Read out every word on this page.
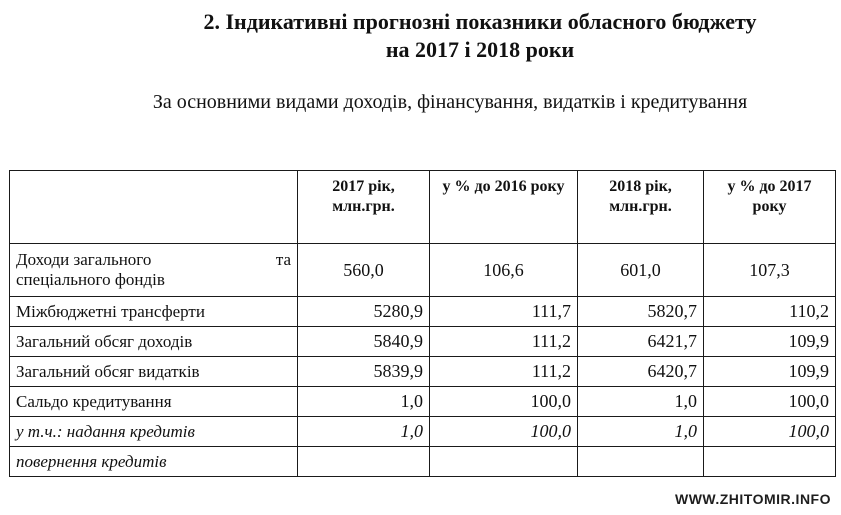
2. Індикативні прогнозні показники обласного бюджету
на 2017 і 2018 роки
За основними видами доходів, фінансування, видатків і кредитування
	2017 рік, млн.грн.	у % до 2016 року	2018 рік, млн.грн.	у % до 2017 року

Доходи загального та
спеціального фондів	560,0	106,6	601,0	107,3
Міжбюджетні трансферти	5280,9	111,7	5820,7	110,2
Загальний обсяг доходів	5840,9	111,2	6421,7	109,9
Загальний обсяг видатків	5839,9	111,2	6420,7	109,9
Сальдо кредитування	1,0	100,0	1,0	100,0
у т.ч.: надання кредитів	1,0	100,0	1,0	100,0
повернення кредитів				
WWW.ZHITOMIR.INFO
